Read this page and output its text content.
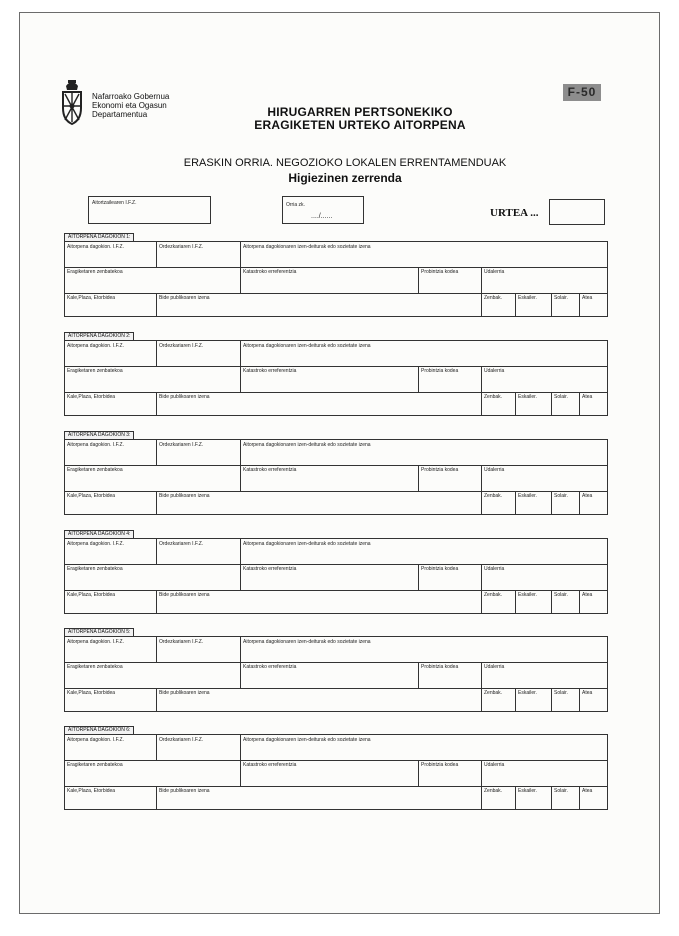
Nafarroako Gobernua
Ekonomi eta Ogasun
Departamentua
F-50
HIRUGARREN PERTSONEKIKO
ERAGIKETEN URTEKO AITORPENA
ERASKIN ORRIA. NEGOZIOKO LOKALEN ERRENTAMENDUAK
Higiezinen zerrenda
Aitortzailearen I.F.Z.	Orria zk.
..../......	URTEA ...
AITORPENA DAGOKION 1:
Aitorpena dagokion. I.F.Z.	Ordezkariaren I.F.Z.	Aitorpena dagokionaren izen-deiturak edo sozietate izena
Eragiketaren zenbatekoa	Katastroko erreferentzia	Probintzia kodea	Udalerria
Kale,Plaza, Etorbidea	Bide publikoaren izena	Zenbak.	Eskailer.	Solair.	Atea
AITORPENA DAGOKION 2:
Aitorpena dagokion. I.F.Z.	Ordezkariaren I.F.Z.	Aitorpena dagokionaren izen-deiturak edo sozietate izena
Eragiketaren zenbatekoa	Katastroko erreferentzia	Probintzia kodea	Udalerria
Kale,Plaza, Etorbidea	Bide publikoaren izena	Zenbak.	Eskailer.	Solair.	Atea
AITORPENA DAGOKION 3:
Aitorpena dagokion. I.F.Z.	Ordezkariaren I.F.Z.	Aitorpena dagokionaren izen-deiturak edo sozietate izena
Eragiketaren zenbatekoa	Katastroko erreferentzia	Probintzia kodea	Udalerria
Kale,Plaza, Etorbidea	Bide publikoaren izena	Zenbak.	Eskailer.	Solair.	Atea
AITORPENA DAGOKION 4:
Aitorpena dagokion. I.F.Z.	Ordezkariaren I.F.Z.	Aitorpena dagokionaren izen-deiturak edo sozietate izena
Eragiketaren zenbatekoa	Katastroko erreferentzia	Probintzia kodea	Udalerria
Kale,Plaza, Etorbidea	Bide publikoaren izena	Zenbak.	Eskailer.	Solair.	Atea
AITORPENA DAGOKION 5:
Aitorpena dagokion. I.F.Z.	Ordezkariaren I.F.Z.	Aitorpena dagokionaren izen-deiturak edo sozietate izena
Eragiketaren zenbatekoa	Katastroko erreferentzia	Probintzia kodea	Udalerria
Kale,Plaza, Etorbidea	Bide publikoaren izena	Zenbak.	Eskailer.	Solair.	Atea
AITORPENA DAGOKION 6:
Aitorpena dagokion. I.F.Z.	Ordezkariaren I.F.Z.	Aitorpena dagokionaren izen-deiturak edo sozietate izena
Eragiketaren zenbatekoa	Katastroko erreferentzia	Probintzia kodea	Udalerria
Kale,Plaza, Etorbidea	Bide publikoaren izena	Zenbak.	Eskailer.	Solair.	Atea
